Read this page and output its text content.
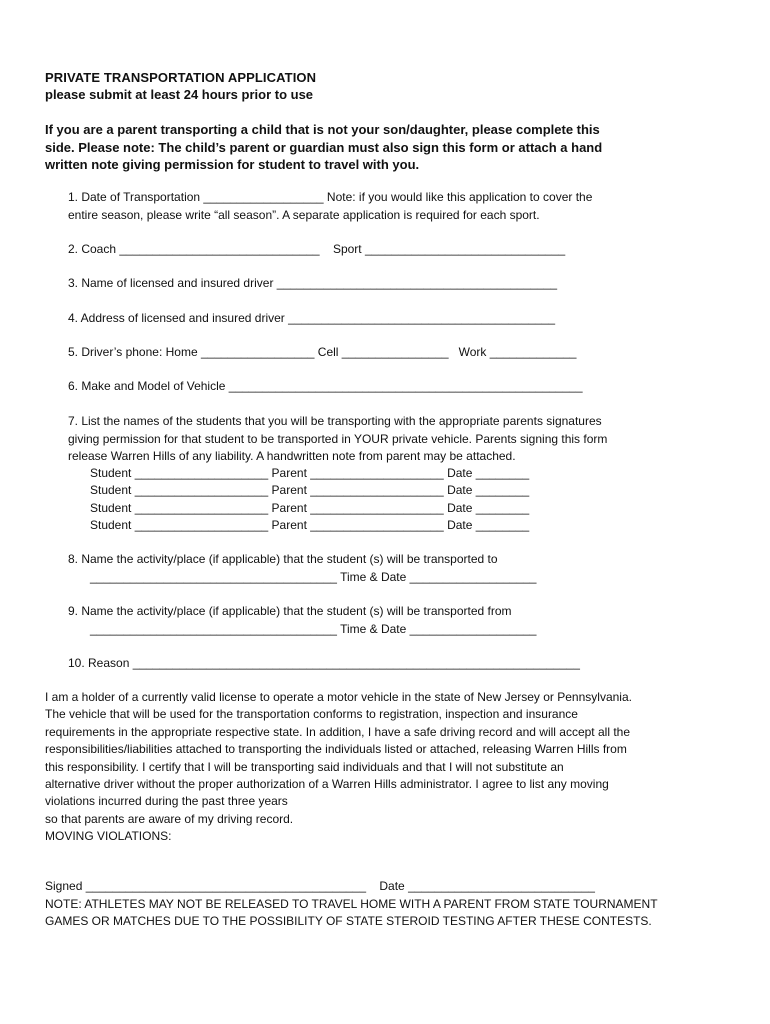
PRIVATE TRANSPORTATION APPLICATION
please submit at least 24 hours prior to use
If you are a parent transporting a child that is not your son/daughter, please complete this
side. Please note: The child’s parent or guardian must also sign this form or attach a hand
written note giving permission for student to travel with you.
1. Date of Transportation __________________ Note: if you would like this application to cover the
entire season, please write “all season”. A separate application is required for each sport.
2. Coach ______________________________ Sport ______________________________
3. Name of licensed and insured driver __________________________________________
4. Address of licensed and insured driver ________________________________________
5. Driver’s phone: Home _________________ Cell ________________ Work _____________
6. Make and Model of Vehicle _____________________________________________________
7. List the names of the students that you will be transporting with the appropriate parents signatures
giving permission for that student to be transported in YOUR private vehicle. Parents signing this form
release Warren Hills of any liability. A handwritten note from parent may be attached.
Student ____________________ Parent ____________________ Date ________
Student ____________________ Parent ____________________ Date ________
Student ____________________ Parent ____________________ Date ________
Student ____________________ Parent ____________________ Date ________
8. Name the activity/place (if applicable) that the student (s) will be transported to
_____________________________________ Time & Date ___________________
9. Name the activity/place (if applicable) that the student (s) will be transported from
_____________________________________ Time & Date ___________________
10. Reason ___________________________________________________________________
I am a holder of a currently valid license to operate a motor vehicle in the state of New Jersey or Pennsylvania.
The vehicle that will be used for the transportation conforms to registration, inspection and insurance
requirements in the appropriate respective state. In addition, I have a safe driving record and will accept all the
responsibilities/liabilities attached to transporting the individuals listed or attached, releasing Warren Hills from
this responsibility. I certify that I will be transporting said individuals and that I will not substitute an
alternative driver without the proper authorization of a Warren Hills administrator. I agree to list any moving
violations incurred during the past three years
so that parents are aware of my driving record.
MOVING VIOLATIONS:
Signed __________________________________________ Date ____________________________
NOTE: ATHLETES MAY NOT BE RELEASED TO TRAVEL HOME WITH A PARENT FROM STATE TOURNAMENT
GAMES OR MATCHES DUE TO THE POSSIBILITY OF STATE STEROID TESTING AFTER THESE CONTESTS.
